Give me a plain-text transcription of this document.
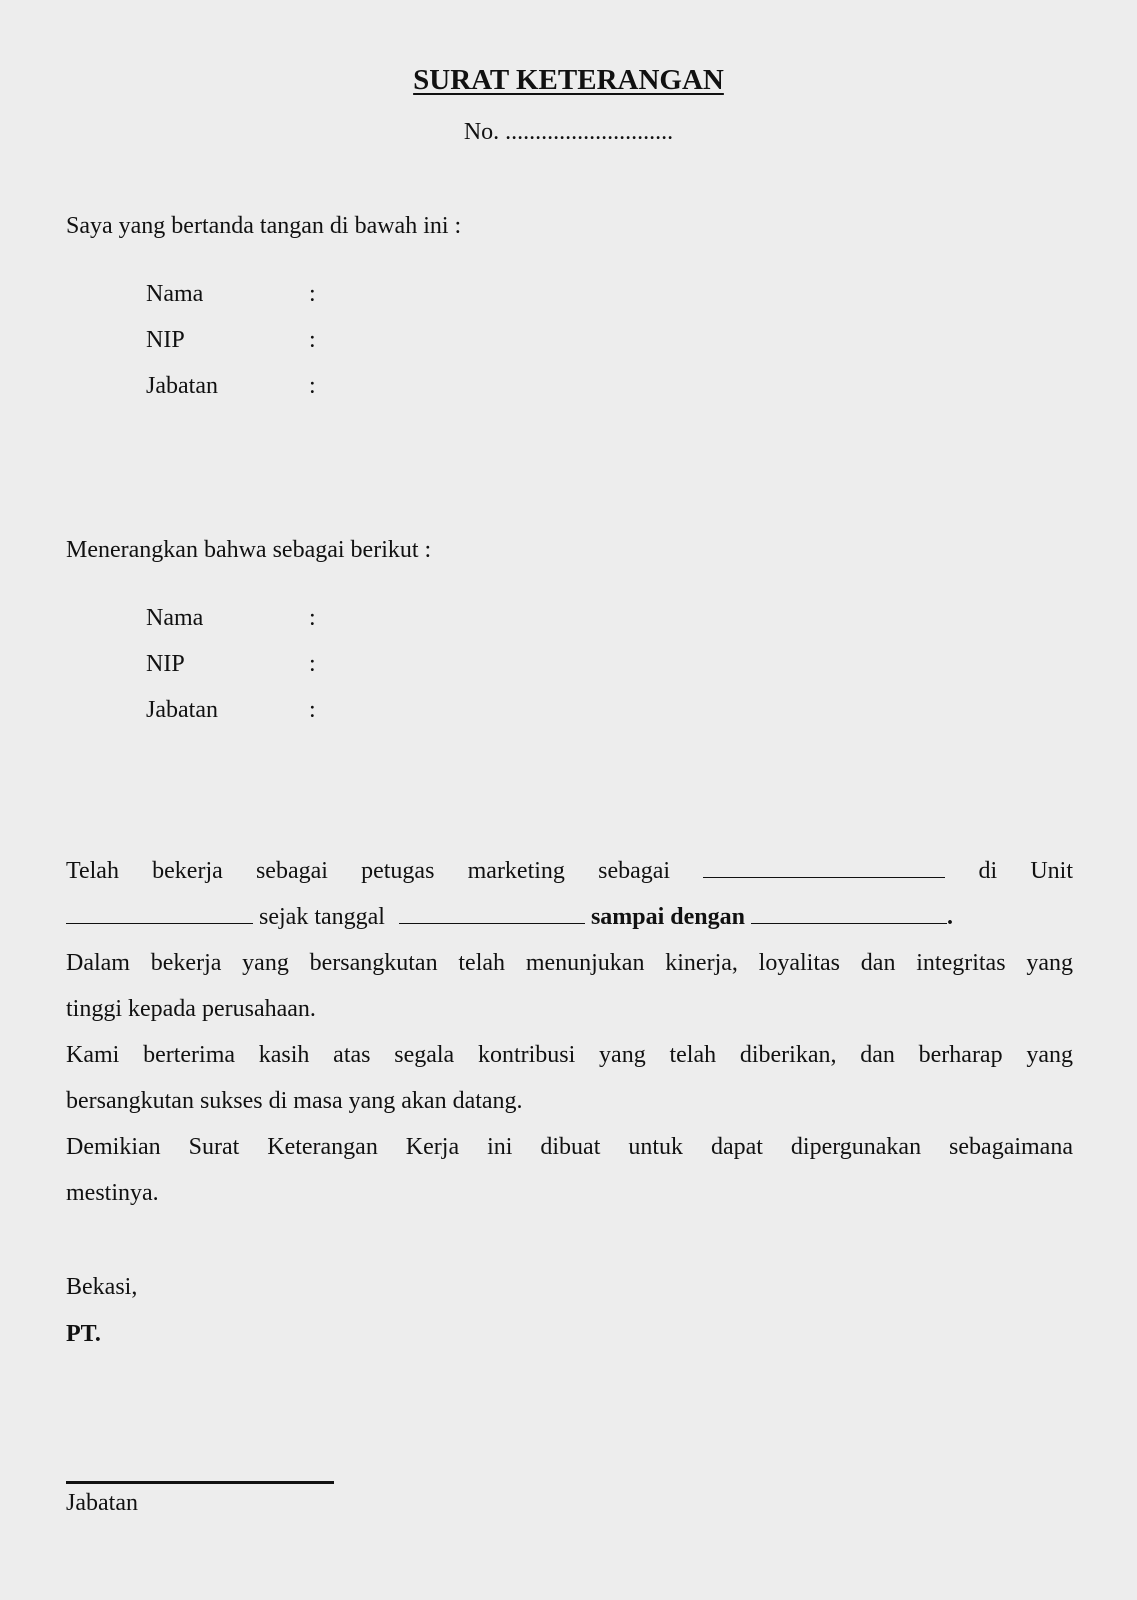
SURAT KETERANGAN
No. ............................
Saya yang bertanda tangan di bawah ini :
Nama	:
NIP	:
Jabatan	:
Menerangkan bahwa sebagai berikut :
Nama	:
NIP	:
Jabatan	:
Telah bekerja sebagai petugas marketing sebagai	di Unit
sejak tanggal	sampai dengan	.
Dalam bekerja yang bersangkutan telah menunjukan kinerja, loyalitas dan integritas yang
tinggi kepada perusahaan.
Kami berterima kasih atas segala kontribusi yang telah diberikan, dan berharap yang
bersangkutan sukses di masa yang akan datang.
Demikian Surat Keterangan Kerja ini dibuat untuk dapat dipergunakan sebagaimana
mestinya.
Bekasi,
PT.
Jabatan
